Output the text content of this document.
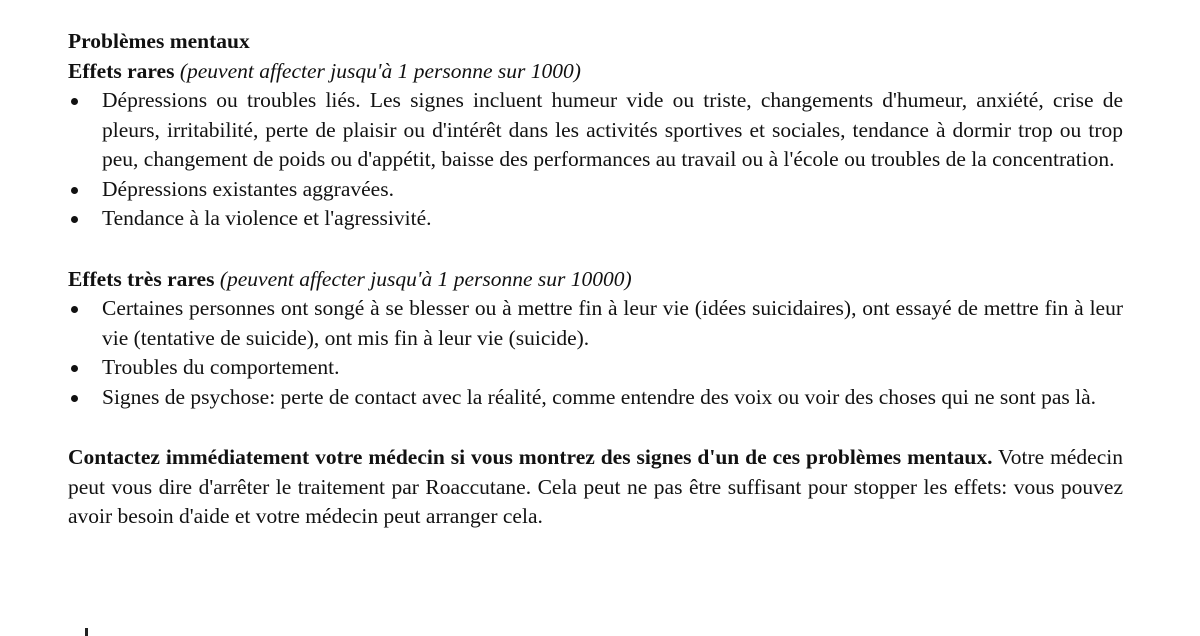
Problèmes mentaux

Effets rares (peuvent affecter jusqu'à 1 personne sur 1000)

Dépressions ou troubles liés. Les signes incluent humeur vide ou triste, changements d'humeur, anxiété, crise de pleurs, irritabilité, perte de plaisir ou d'intérêt dans les activités sportives et sociales, tendance à dormir trop ou trop peu, changement de poids ou d'appétit, baisse des performances au travail ou à l'école ou troubles de la concentration.
Dépressions existantes aggravées.
Tendance à la violence et l'agressivité.

Effets très rares (peuvent affecter jusqu'à 1 personne sur 10000)

Certaines personnes ont songé à se blesser ou à mettre fin à leur vie (idées suicidaires), ont essayé de mettre fin à leur vie (tentative de suicide), ont mis fin à leur vie (suicide).
Troubles du comportement.
Signes de psychose: perte de contact avec la réalité, comme entendre des voix ou voir des choses qui ne sont pas là.

Contactez immédiatement votre médecin si vous montrez des signes d'un de ces problèmes mentaux. Votre médecin peut vous dire d'arrêter le traitement par Roaccutane. Cela peut ne pas être suffisant pour stopper les effets: vous pouvez avoir besoin d'aide et votre médecin peut arranger cela.
